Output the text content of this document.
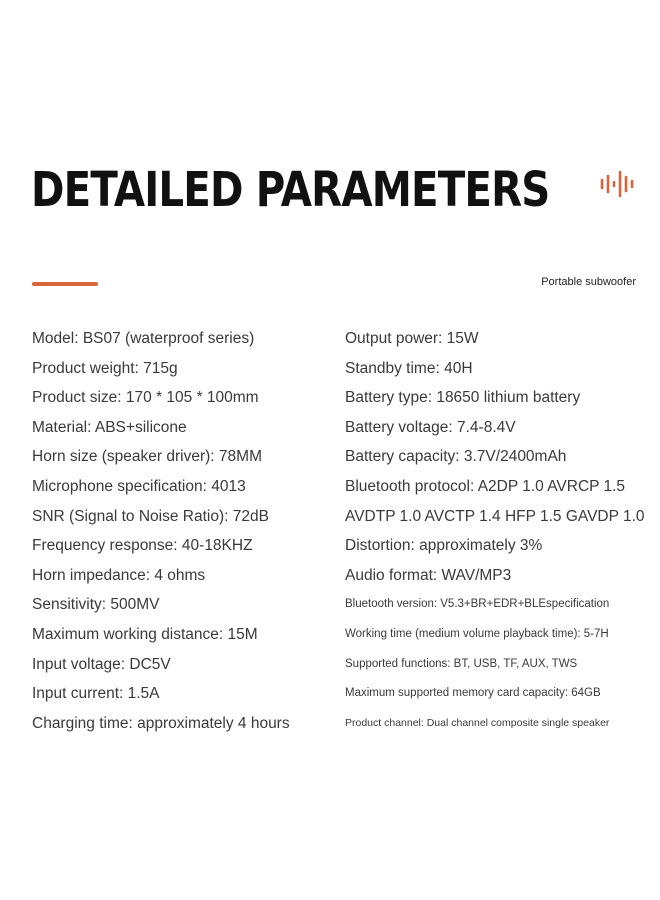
DETAILED PARAMETERS
Portable subwoofer
Model: BS07 (waterproof series)
Product weight: 715g
Product size: 170 * 105 * 100mm
Material: ABS+silicone
Horn size (speaker driver): 78MM
Microphone specification: 4013
SNR (Signal to Noise Ratio): 72dB
Frequency response: 40-18KHZ
Horn impedance: 4 ohms
Sensitivity: 500MV
Maximum working distance: 15M
Input voltage: DC5V
Input current: 1.5A
Charging time: approximately 4 hours
Output power: 15W
Standby time: 40H
Battery type: 18650 lithium battery
Battery voltage: 7.4-8.4V
Battery capacity: 3.7V/2400mAh
Bluetooth protocol: A2DP 1.0 AVRCP 1.5
AVDTP 1.0 AVCTP 1.4 HFP 1.5 GAVDP 1.0
Distortion: approximately 3%
Audio format: WAV/MP3
Bluetooth version: V5.3+BR+EDR+BLEspecification
Working time (medium volume playback time): 5-7H
Supported functions: BT, USB, TF, AUX, TWS
Maximum supported memory card capacity: 64GB
Product channel: Dual channel composite single speaker
